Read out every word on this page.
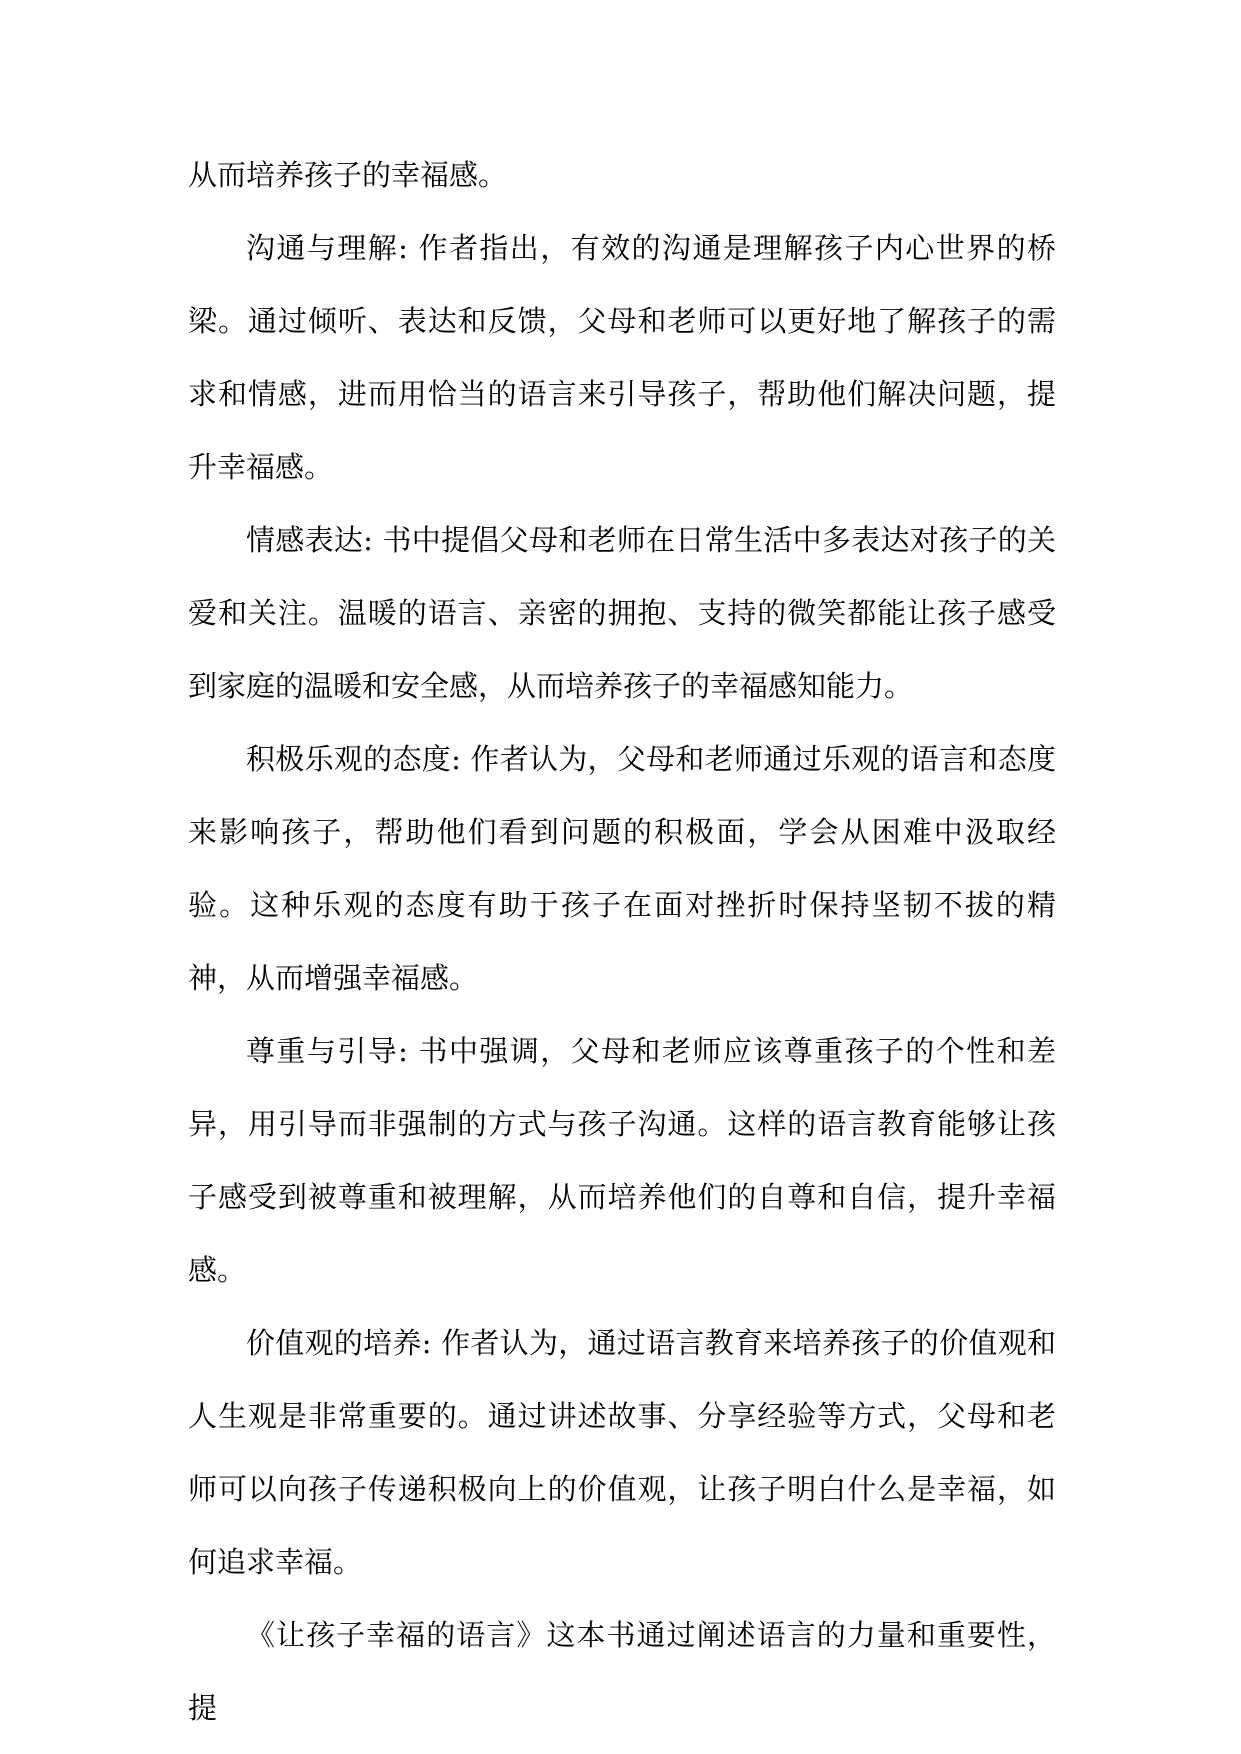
从而培养孩子的幸福感。

沟通与理解: 作者指出，有效的沟通是理解孩子内心世界的桥梁。通过倾听、表达和反馈，父母和老师可以更好地了解孩子的需求和情感，进而用恰当的语言来引导孩子，帮助他们解决问题，提升幸福感。

情感表达: 书中提倡父母和老师在日常生活中多表达对孩子的关爱和关注。温暖的语言、亲密的拥抱、支持的微笑都能让孩子感受到家庭的温暖和安全感，从而培养孩子的幸福感知能力。

积极乐观的态度: 作者认为，父母和老师通过乐观的语言和态度来影响孩子，帮助他们看到问题的积极面，学会从困难中汲取经验。这种乐观的态度有助于孩子在面对挫折时保持坚韧不拔的精神，从而增强幸福感。

尊重与引导: 书中强调，父母和老师应该尊重孩子的个性和差异，用引导而非强制的方式与孩子沟通。这样的语言教育能够让孩子感受到被尊重和被理解，从而培养他们的自尊和自信，提升幸福感。

价值观的培养: 作者认为，通过语言教育来培养孩子的价值观和人生观是非常重要的。通过讲述故事、分享经验等方式，父母和老师可以向孩子传递积极向上的价值观，让孩子明白什么是幸福，如何追求幸福。

《让孩子幸福的语言》这本书通过阐述语言的力量和重要性，提
